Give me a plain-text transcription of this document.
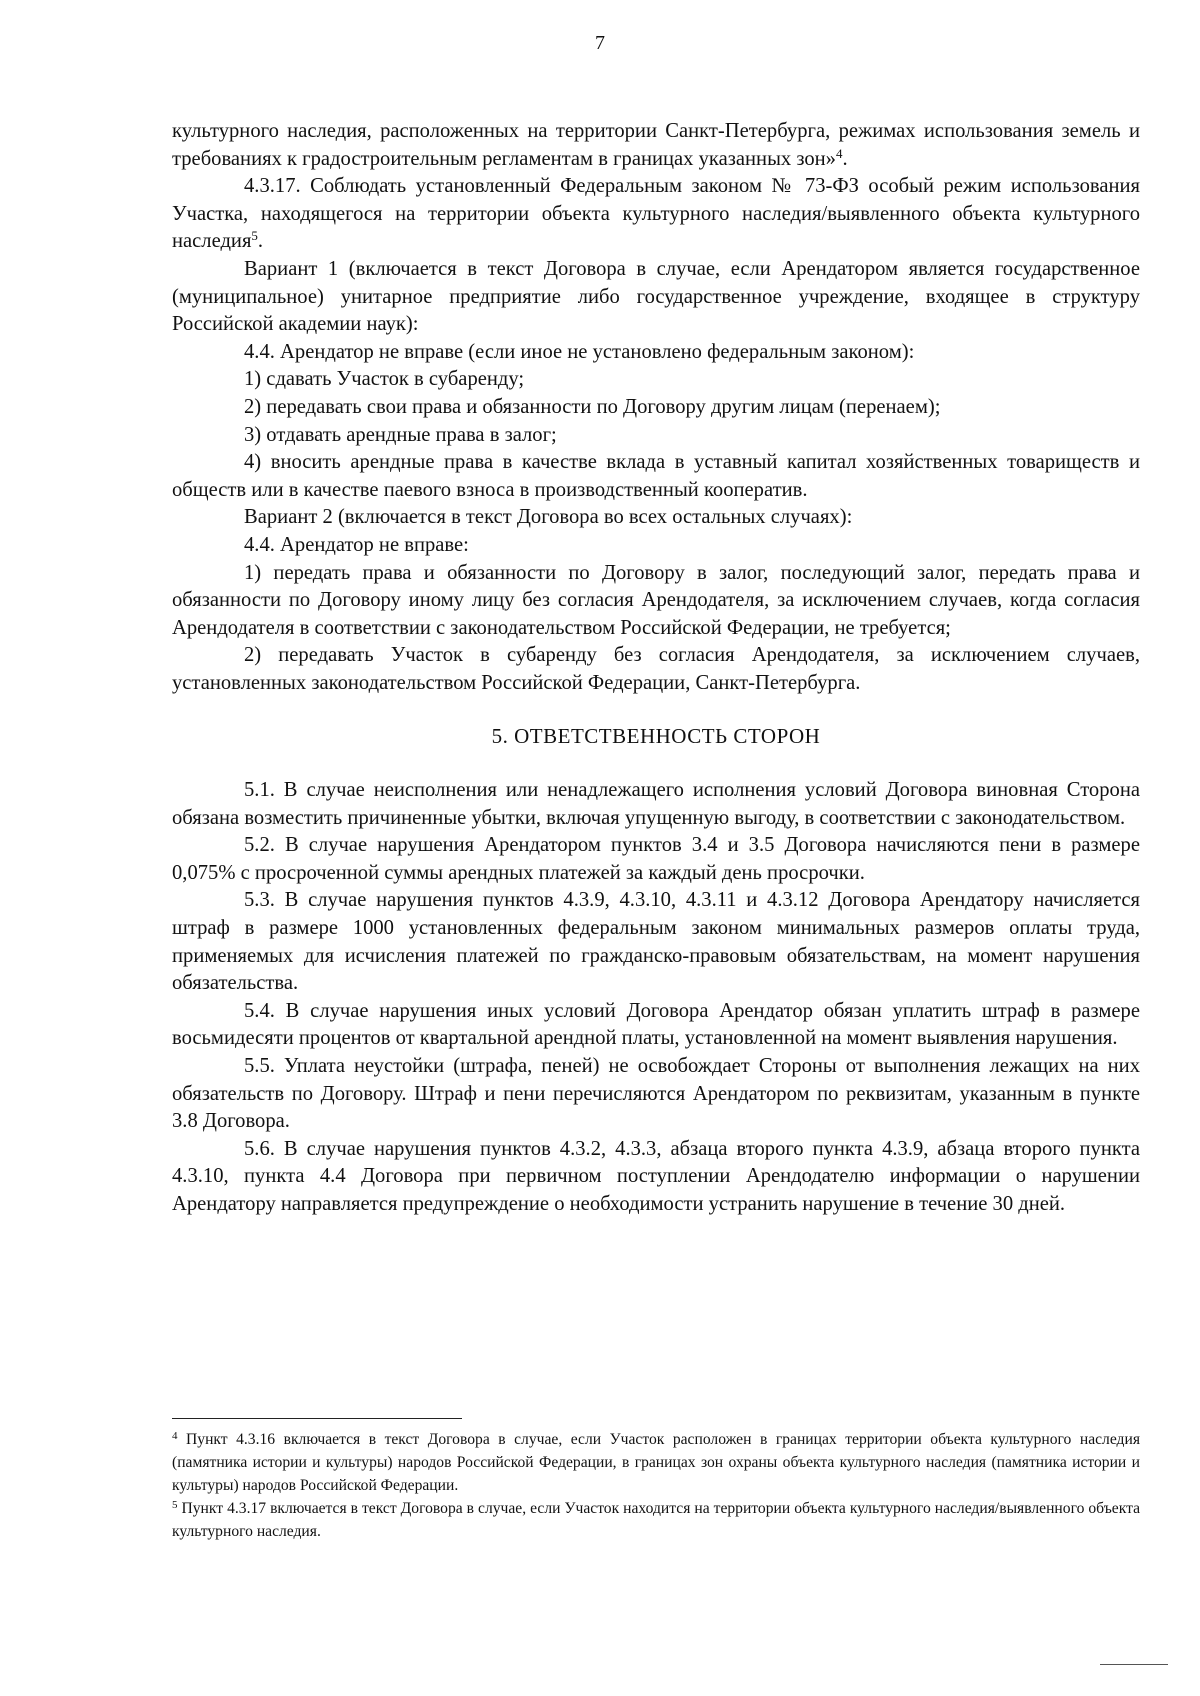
7

культурного наследия, расположенных на территории Санкт-Петербурга, режимах использования земель и требованиях к градостроительным регламентам в границах указанных зон»$^4$.

4.3.17. Соблюдать установленный Федеральным законом № 73-ФЗ особый режим использования Участка, находящегося на территории объекта культурного наследия/выявленного объекта культурного наследия$^5$.

Вариант 1 (включается в текст Договора в случае, если Арендатором является государственное (муниципальное) унитарное предприятие либо государственное учреждение, входящее в структуру Российской академии наук):

4.4. Арендатор не вправе (если иное не установлено федеральным законом):

1) сдавать Участок в субаренду;

2) передавать свои права и обязанности по Договору другим лицам (перенаем);

3) отдавать арендные права в залог;

4) вносить арендные права в качестве вклада в уставный капитал хозяйственных товариществ и обществ или в качестве паевого взноса в производственный кооператив.

Вариант 2 (включается в текст Договора во всех остальных случаях):

4.4. Арендатор не вправе:

1) передать права и обязанности по Договору в залог, последующий залог, передать права и обязанности по Договору иному лицу без согласия Арендодателя, за исключением случаев, когда согласия Арендодателя в соответствии с законодательством Российской Федерации, не требуется;

2) передавать Участок в субаренду без согласия Арендодателя, за исключением случаев, установленных законодательством Российской Федерации, Санкт-Петербурга.

5. ОТВЕТСТВЕННОСТЬ СТОРОН

5.1. В случае неисполнения или ненадлежащего исполнения условий Договора виновная Сторона обязана возместить причиненные убытки, включая упущенную выгоду, в соответствии с законодательством.

5.2. В случае нарушения Арендатором пунктов 3.4 и 3.5 Договора начисляются пени в размере 0,075% с просроченной суммы арендных платежей за каждый день просрочки.

5.3. В случае нарушения пунктов 4.3.9, 4.3.10, 4.3.11 и 4.3.12 Договора Арендатору начисляется штраф в размере 1000 установленных федеральным законом минимальных размеров оплаты труда, применяемых для исчисления платежей по гражданско-правовым обязательствам, на момент нарушения обязательства.

5.4. В случае нарушения иных условий Договора Арендатор обязан уплатить штраф в размере восьмидесяти процентов от квартальной арендной платы, установленной на момент выявления нарушения.

5.5. Уплата неустойки (штрафа, пеней) не освобождает Стороны от выполнения лежащих на них обязательств по Договору. Штраф и пени перечисляются Арендатором по реквизитам, указанным в пункте 3.8 Договора.

5.6. В случае нарушения пунктов 4.3.2, 4.3.3, абзаца второго пункта 4.3.9, абзаца второго пункта 4.3.10, пункта 4.4 Договора при первичном поступлении Арендодателю информации о нарушении Арендатору направляется предупреждение о необходимости устранить нарушение в течение 30 дней.

$^4$ Пункт 4.3.16 включается в текст Договора в случае, если Участок расположен в границах территории объекта культурного наследия (памятника истории и культуры) народов Российской Федерации, в границах зон охраны объекта культурного наследия (памятника истории и культуры) народов Российской Федерации.

$^5$ Пункт 4.3.17 включается в текст Договора в случае, если Участок находится на территории объекта культурного наследия/выявленного объекта культурного наследия.
